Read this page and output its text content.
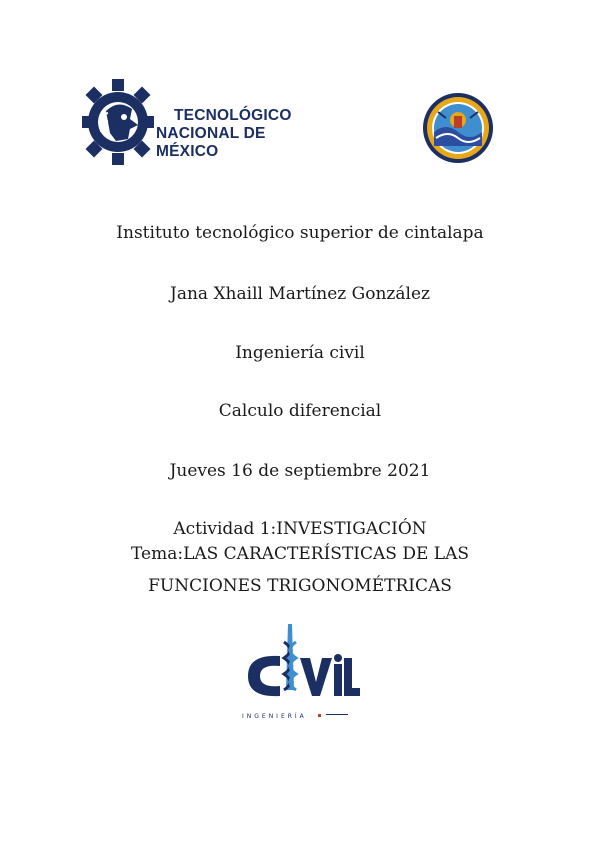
TECNOLÓGICO
NACIONAL DE MÉXICO
Instituto tecnológico superior de cintalapa
Jana Xhaill Martínez González
Ingeniería civil
Calculo diferencial
Jueves 16 de septiembre 2021
Actividad 1:INVESTIGACIÓN
Tema:LAS CARACTERÍSTICAS DE LAS
FUNCIONES TRIGONOMÉTRICAS
INGENIERÍA
